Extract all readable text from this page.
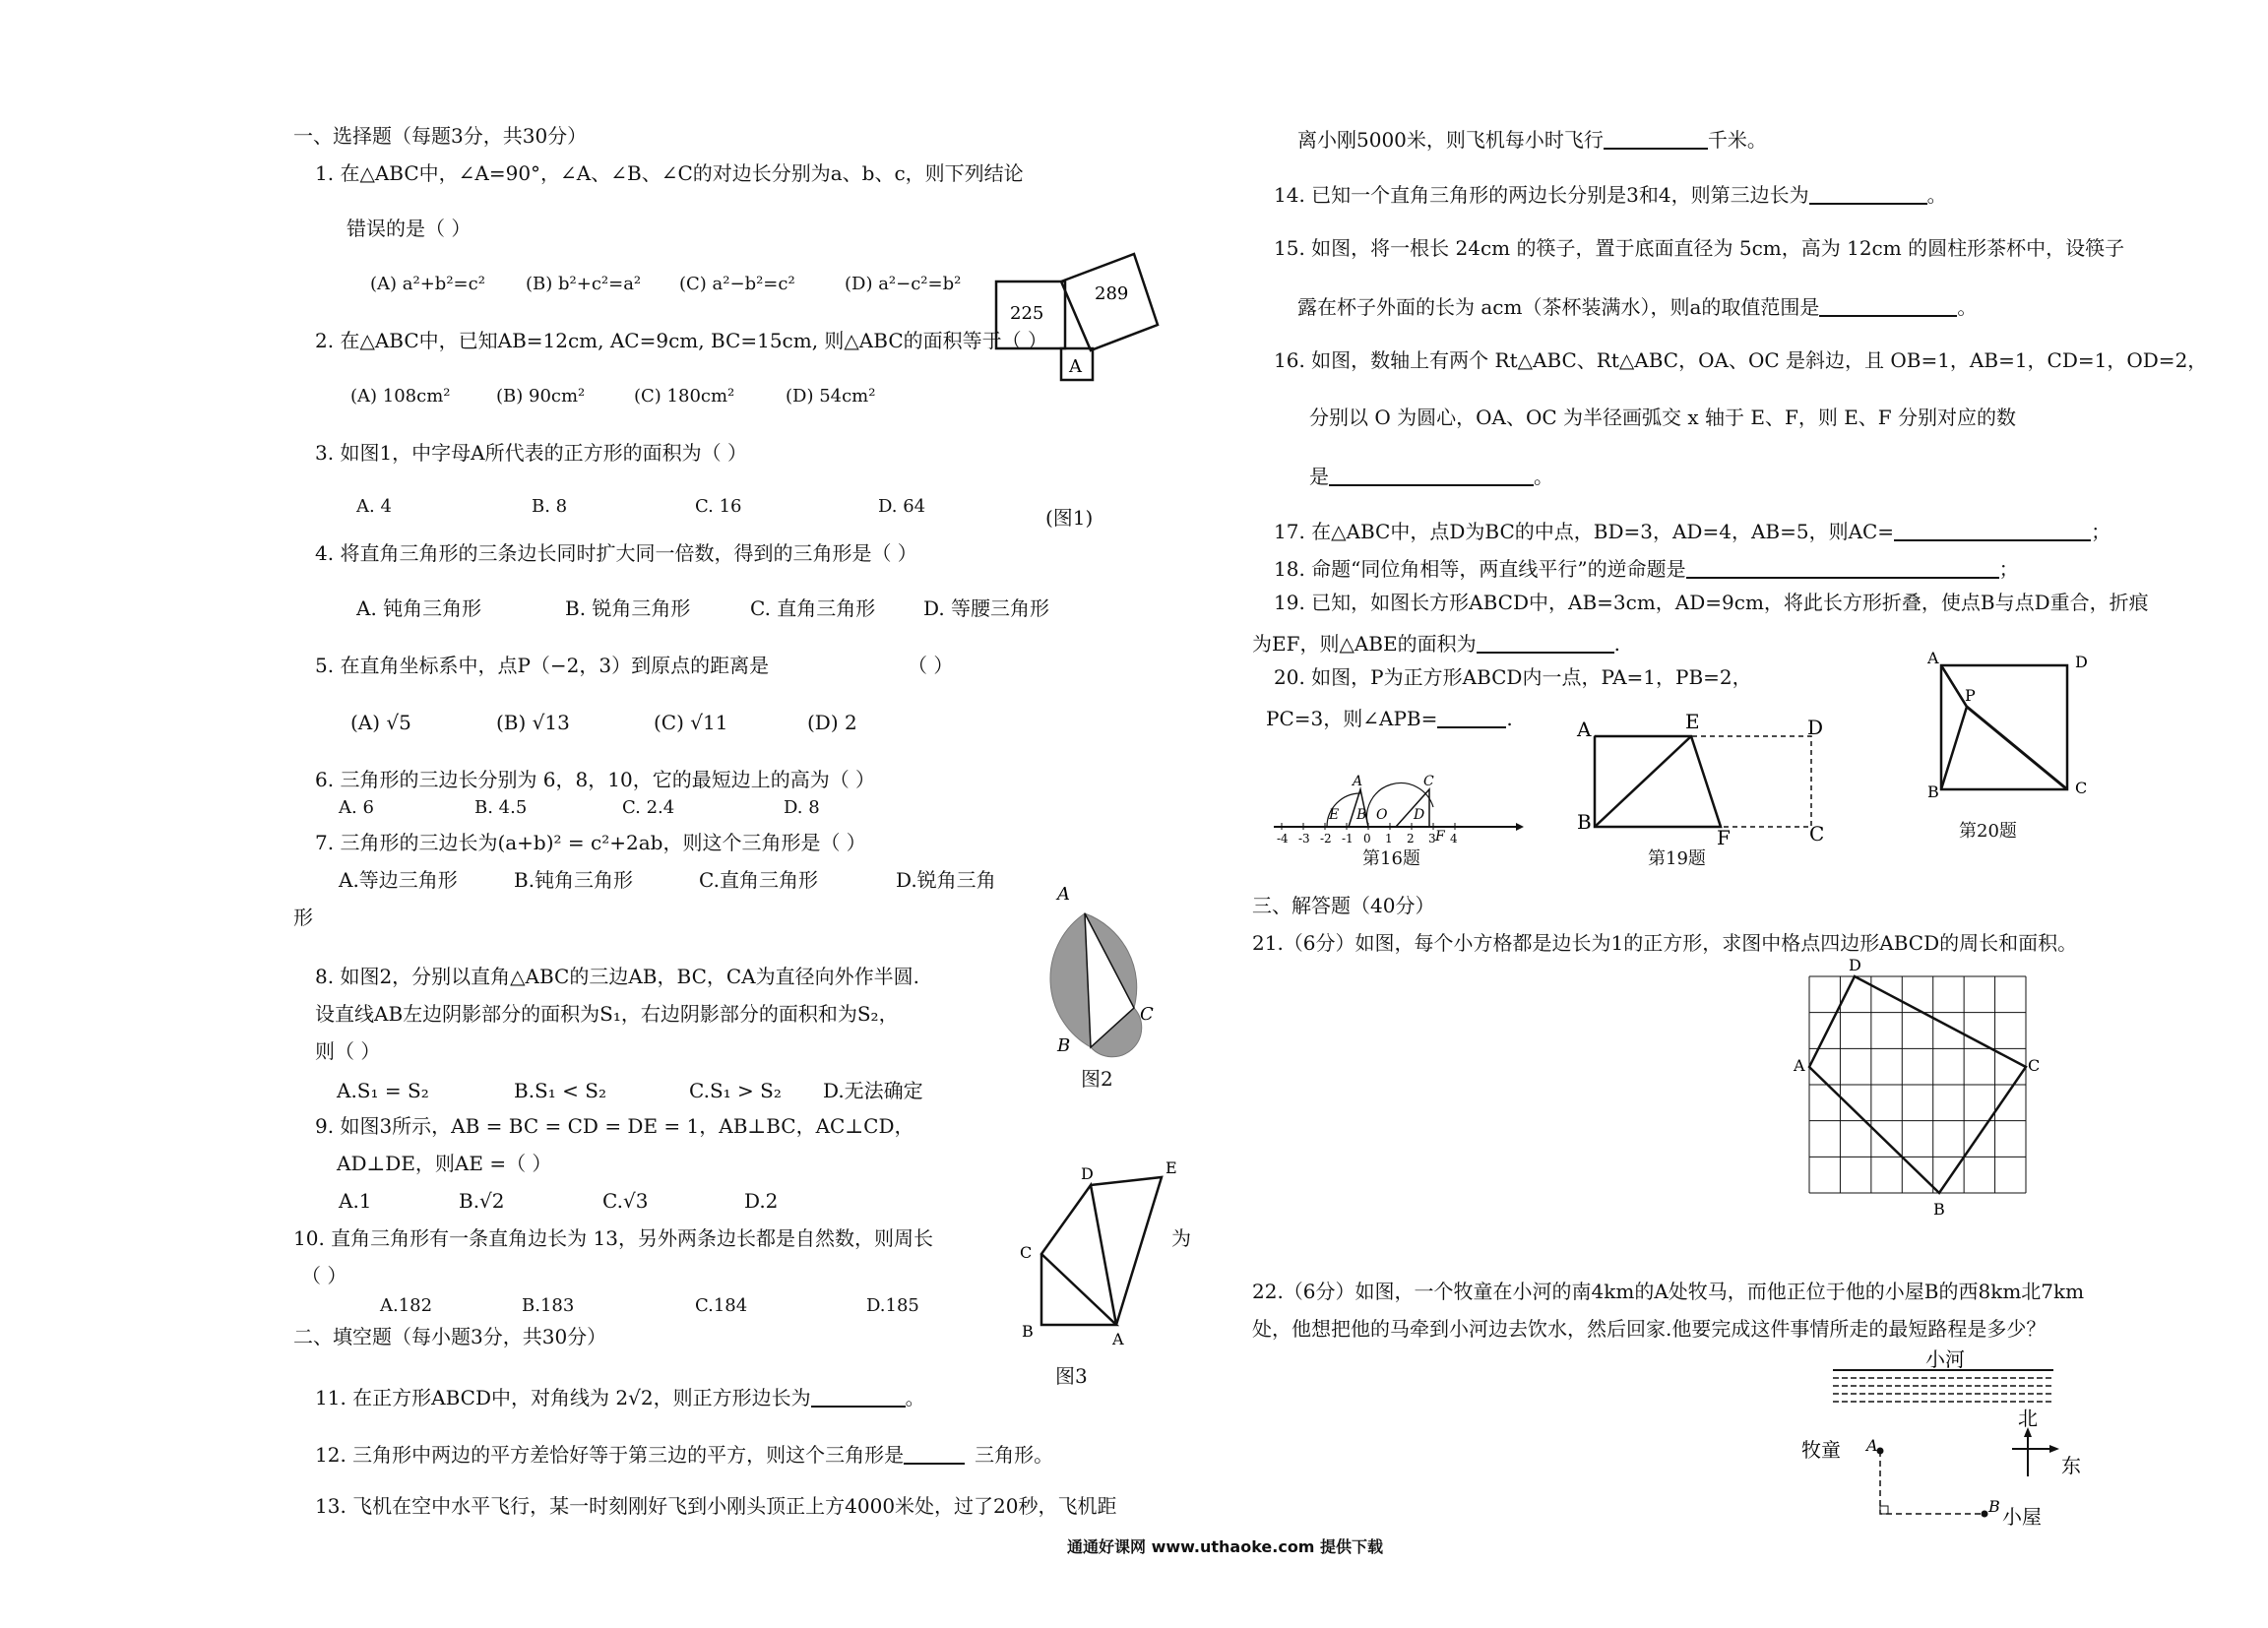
一、选择题（每题3分，共30分）
1. 在△ABC中，∠A=90°，∠A、∠B、∠C的对边长分别为a、b、c，则下列结论
错误的是（ ）
(A) a²+b²=c² (B) b²+c²=a² (C) a²−b²=c²	(D) a²−c²=b²
2. 在△ABC中，已知AB=12cm, AC=9cm, BC=15cm, 则△ABC的面积等于（ ）
(A) 108cm²	(B) 90cm²	(C) 180cm²	(D) 54cm²
3. 如图1，中字母A所代表的正方形的面积为（ ）
A. 4	B. 8	C. 16	D. 64	(图1)
4. 将直角三角形的三条边长同时扩大同一倍数，得到的三角形是（ ）
A. 钝角三角形	B. 锐角三角形	C. 直角三角形 D. 等腰三角形
5. 在直角坐标系中，点P（−2，3）到原点的距离是	（ ）
(A) √5	(B) √13	(C) √11	(D) 2
6. 三角形的三边长分别为 6，8，10，它的最短边上的高为（ ）
A. 6	B. 4.5	C. 2.4	D. 8
7. 三角形的三边长为(a+b)² = c²+2ab，则这个三角形是（ ）
A.等边三角形	B.钝角三角形	C.直角三角形	D.锐角三角
形
8. 如图2，分别以直角△ABC的三边AB，BC，CA为直径向外作半圆.
设直线AB左边阴影部分的面积为S₁，右边阴影部分的面积和为S₂，
则（ ）
A.S₁ = S₂	B.S₁ < S₂	C.S₁ > S₂ D.无法确定	图2
9. 如图3所示，AB = BC = CD = DE = 1，AB⊥BC，AC⊥CD，
AD⊥DE，则AE =（ ）
A.1	B.√2	C.√3	D.2
10. 直角三角形有一条直角边长为 13，另外两条边长都是自然数，则周长	为
（ ）
A.182	B.183	C.184	D.185
图3
二、填空题（每小题3分，共30分）
11. 在正方形ABCD中，对角线为 2√2，则正方形边长为	。
12. 三角形中两边的平方差恰好等于第三边的平方，则这个三角形是	三角形。
13. 飞机在空中水平飞行，某一时刻刚好飞到小刚头顶正上方4000米处，过了20秒，飞机距
离小刚5000米，则飞机每小时飞行	千米。
14. 已知一个直角三角形的两边长分别是3和4，则第三边长为	。
15. 如图，将一根长 24cm 的筷子，置于底面直径为 5cm，高为 12cm 的圆柱形茶杯中，设筷子
露在杯子外面的长为 acm（茶杯装满水），则a的取值范围是	。
16. 如图，数轴上有两个 Rt△ABC、Rt△ABC，OA、OC 是斜边，且 OB=1，AB=1，CD=1，OD=2，
分别以 O 为圆心，OA、OC 为半径画弧交 x 轴于 E、F，则 E、F 分别对应的数
是	。
17. 在△ABC中，点D为BC的中点，BD=3，AD=4，AB=5，则AC=	；
18. 命题“同位角相等，两直线平行”的逆命题是	；
19. 已知，如图长方形ABCD中，AB=3cm，AD=9cm，将此长方形折叠，使点B与点D重合，折痕
为EF，则△ABE的面积为	.
20. 如图，P为正方形ABCD内一点，PA=1，PB=2，
PC=3，则∠APB=	.
第16题	第19题
第20题
三、解答题（40分）
21.（6分）如图，每个小方格都是边长为1的正方形，求图中格点四边形ABCD的周长和面积。
22.（6分）如图，一个牧童在小河的南4km的A处牧马，而他正位于他的小屋B的西8km北7km
处，他想把他的马牵到小河边去饮水，然后回家.他要完成这件事情所走的最短路程是多少？
通通好课网 www.uthaoke.com 提供下载
225
289
A
A
B
C
C
B	A
D	E
-4 -3 -2 -1 0 1 2 3 4
A	C
E B O D
F
A	E	D
B
F	C
A	D
P
B	C
D
A	C
B
小河
牧童 A
B 小屋
北
东
